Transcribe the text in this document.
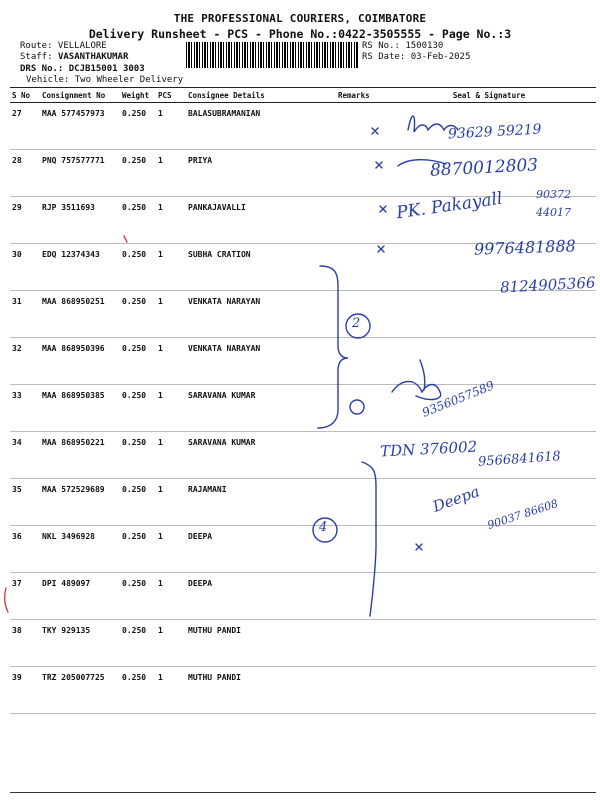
THE PROFESSIONAL COURIERS, COIMBATORE
Delivery Runsheet - PCS - Phone No.:0422-3505555 - Page No.:3
Route: VELLALORE
Staff: VASANTHAKUMAR
DRS No.: DCJB15001 3003
Vehicle: Two Wheeler Delivery
RS No.: 1500130
RS Date: 03-Feb-2025
S No	Consignment No	Weight	PCS	Consignee Details	Remarks	Seal & Signature
27	MAA 577457973	0.250	1	BALASUBRAMANIAN		
28	PNQ 757577771	0.250	1	PRIYA		
29	RJP 3511693	0.250	1	PANKAJAVALLI		
30	EDQ 12374343	0.250	1	SUBHA CRATION		
31	MAA 868950251	0.250	1	VENKATA NARAYAN		
32	MAA 868950396	0.250	1	VENKATA NARAYAN		
33	MAA 868950385	0.250	1	SARAVANA KUMAR		
34	MAA 868950221	0.250	1	SARAVANA KUMAR		
35	MAA 572529689	0.250	1	RAJAMANI		
36	NKL 3496928	0.250	1	DEEPA		
37	DPI 489097	0.250	1	DEEPA		
38	TKY 929135	0.250	1	MUTHU PANDI		
39	TRZ 205007725	0.250	1	MUTHU PANDI		
93629 59219
8870012803
PK. Pakayall	90372 44017
9976481888
8124905366
2
9356057589
TDN 376002 9566841618
Deepa 90037 86608
4
